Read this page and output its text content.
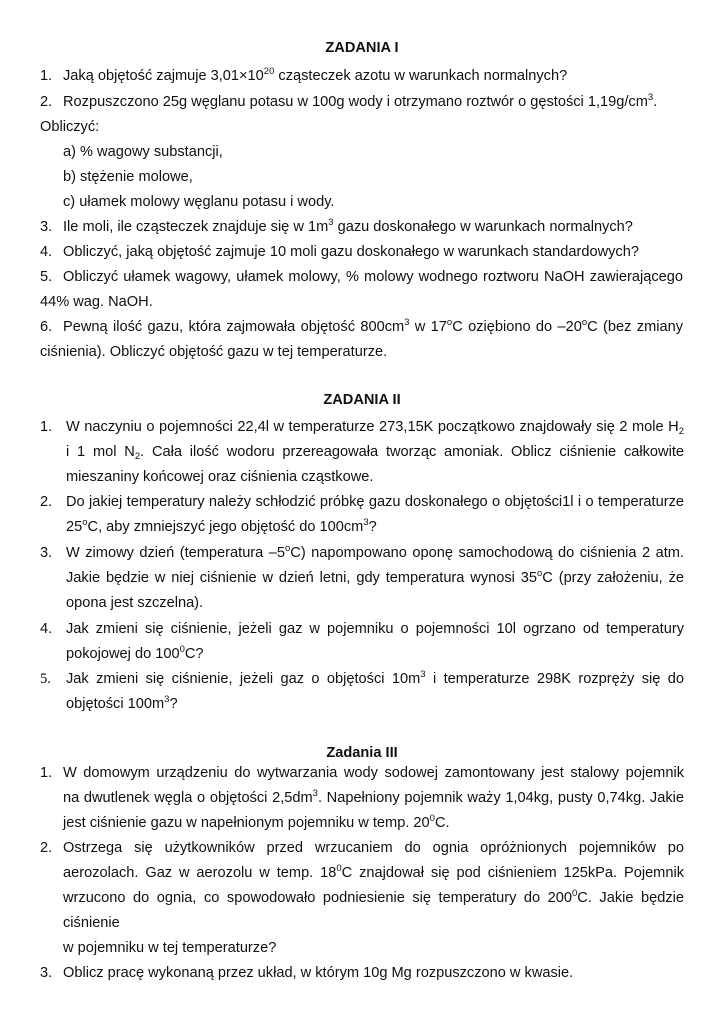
ZADANIA I
1. Jaką objętość zajmuje $3,01\times 10^{20}$ cząsteczek azotu w warunkach normalnych?
2. Rozpuszczono 25g węglanu potasu w 100g wody i otrzymano roztwór o gęstości $1,19g/cm^3$.
Obliczyć:
a) % wagowy substancji,
b) stężenie molowe,
c) ułamek molowy węglanu potasu i wody.
3. Ile moli, ile cząsteczek znajduje się w $1m^3$ gazu doskonałego w warunkach normalnych?
4. Obliczyć, jaką objętość zajmuje 10 moli gazu doskonałego w warunkach standardowych?
5. Obliczyć ułamek wagowy, ułamek molowy, % molowy wodnego roztworu NaOH zawierającego
44% wag. NaOH.
6. Pewną ilość gazu, która zajmowała objętość $800cm^3$ w 17$^o$C oziębiono do –20$^o$C (bez zmiany
ciśnienia). Obliczyć objętość gazu w tej temperaturze.
ZADANIA II
1. W naczyniu o pojemności 22,4l w temperaturze 273,15K początkowo znajdowały się 2 mole $H_2$
i 1 mol $N_2$. Cała ilość wodoru przereagowała tworząc amoniak. Oblicz ciśnienie całkowite
mieszaniny końcowej oraz ciśnienia cząstkowe.
2. Do jakiej temperatury należy schłodzić próbkę gazu doskonałego o objętości1l i o temperaturze
25$^o$C, aby zmniejszyć jego objętość do $100cm^3$?
3. W zimowy dzień (temperatura –5$^o$C) napompowano oponę samochodową do ciśnienia 2 atm.
Jakie będzie w niej ciśnienie w dzień letni, gdy temperatura wynosi 35$^o$C (przy założeniu, że
opona jest szczelna).
4. Jak zmieni się ciśnienie, jeżeli gaz w pojemniku o pojemności 10l ogrzano od temperatury
pokojowej do $100^0C$?
5. Jak zmieni się ciśnienie, jeżeli gaz o objętości $10m^3$ i temperaturze 298K rozpręży się do
objętości $100m^3$?
Zadania III
1. W domowym urządzeniu do wytwarzania wody sodowej zamontowany jest stalowy pojemnik
na dwutlenek węgla o objętości $2,5dm^3$. Napełniony pojemnik waży 1,04kg, pusty 0,74kg. Jakie
jest ciśnienie gazu w napełnionym pojemniku w temp. $20^0C$.
2. Ostrzega się użytkowników przed wrzucaniem do ognia opróżnionych pojemników po
aerozolach. Gaz w aerozolu w temp. $18^0C$ znajdował się pod ciśnieniem 125kPa. Pojemnik
wrzucono do ognia, co spowodowało podniesienie się temperatury do $200^0C$. Jakie będzie
ciśnienie
w pojemniku w tej temperaturze?
3. Oblicz pracę wykonaną przez układ, w którym 10g Mg rozpuszczono w kwasie.
